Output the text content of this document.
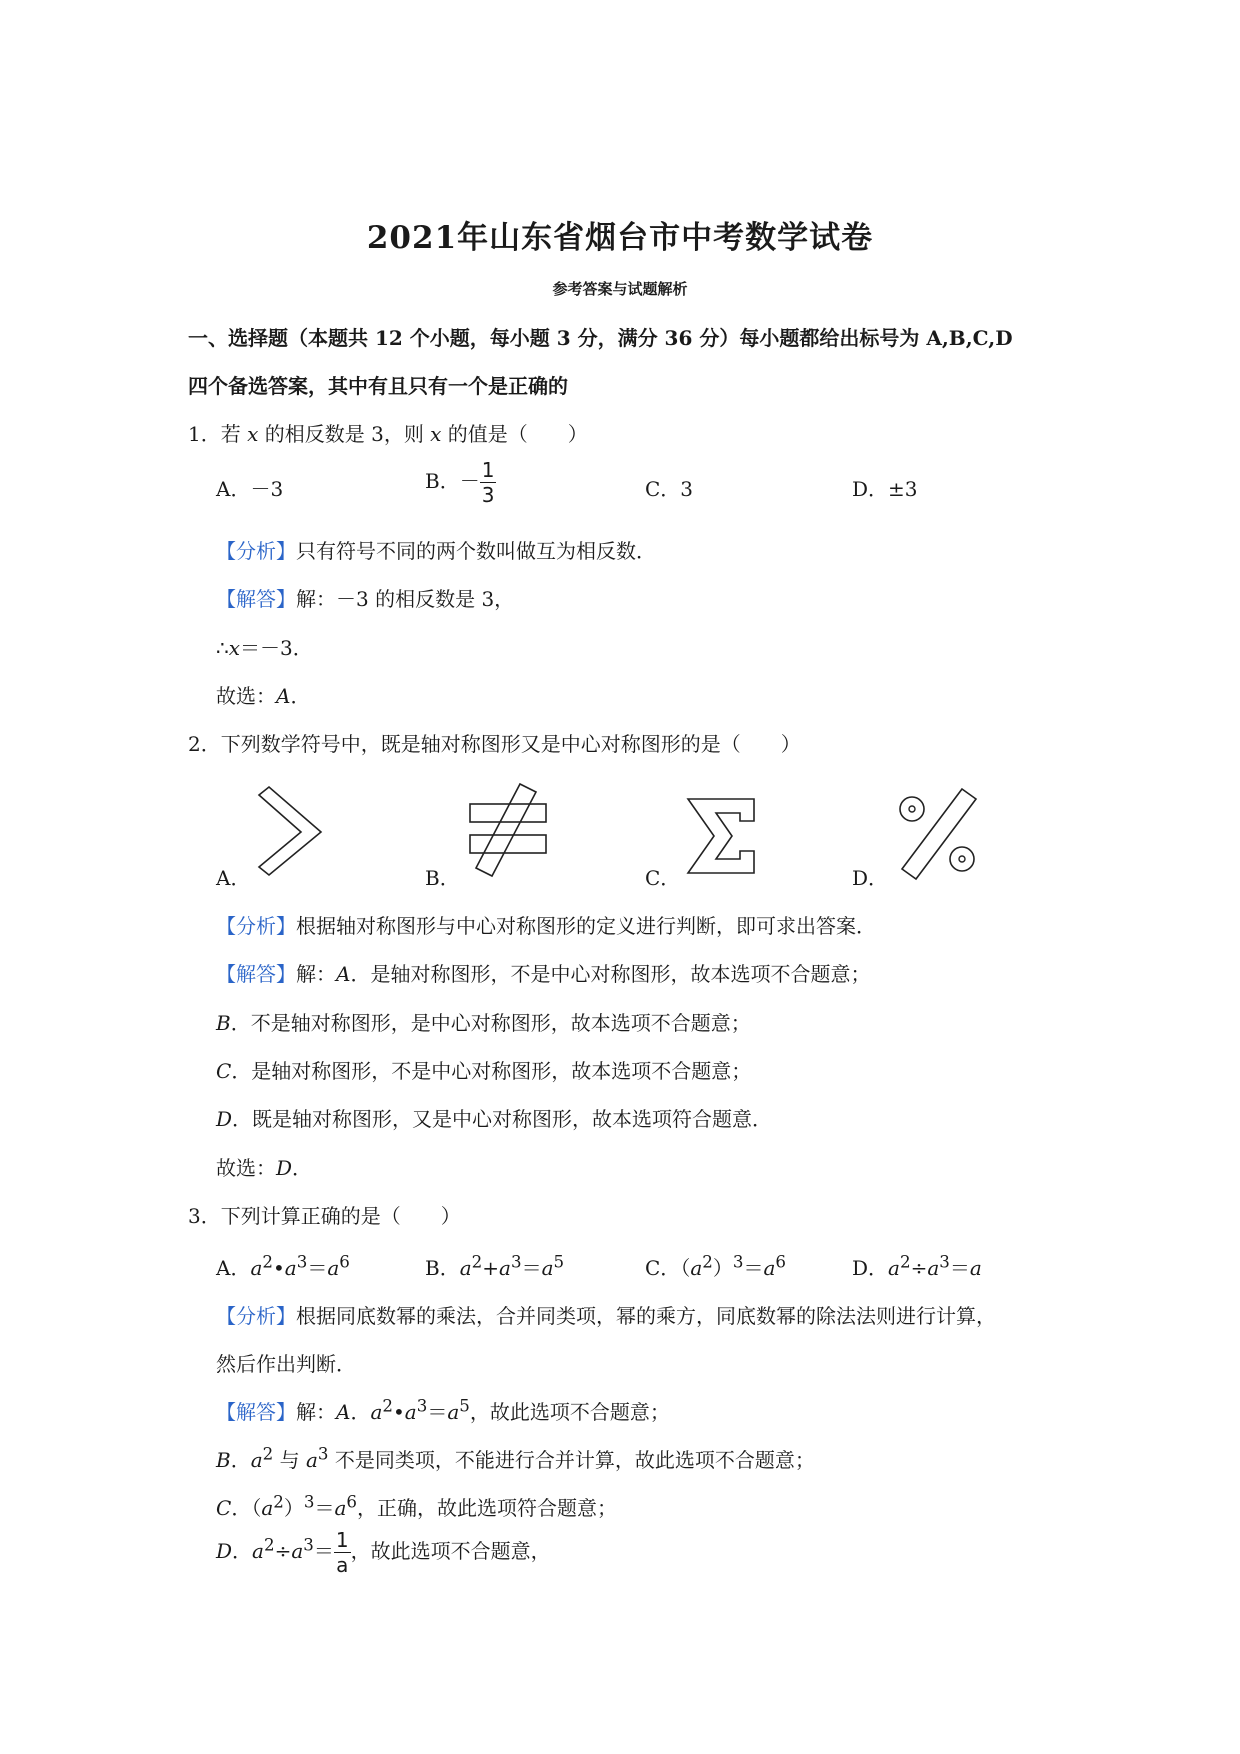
2021年山东省烟台市中考数学试卷
参考答案与试题解析
一、选择题（本题共 12 个小题，每小题 3 分，满分 36 分）每小题都给出标号为 A,B,C,D
四个备选答案，其中有且只有一个是正确的
1．若 x 的相反数是 3，则 x 的值是（　　）
A．－3	B．－ $\frac{1}{3}$	C．3	D．±3
【分析】只有符号不同的两个数叫做互为相反数．
【解答】解：－3 的相反数是 3，
∴x＝－3．
故选：A．
2．下列数学符号中，既是轴对称图形又是中心对称图形的是（　　）
A．	B．	C．	D．
【分析】根据轴对称图形与中心对称图形的定义进行判断，即可求出答案．
【解答】解：A．是轴对称图形，不是中心对称图形，故本选项不合题意；
B．不是轴对称图形，是中心对称图形，故本选项不合题意；
C．是轴对称图形，不是中心对称图形，故本选项不合题意；
D．既是轴对称图形，又是中心对称图形，故本选项符合题意．
故选：D．
3．下列计算正确的是（　　）
A．$a^2•a^3=a^6$	B．$a^2+a^3=a^5$	C．$(a^2)^3=a^6$	D．$a^2\div a^3=a$
【分析】根据同底数幂的乘法，合并同类项，幂的乘方，同底数幂的除法法则进行计算，
然后作出判断．
【解答】解：A．$a^2•a^3=a^5$，故此选项不合题意；
B．$a^2$ 与 $a^3$ 不是同类项，不能进行合并计算，故此选项不合题意；
C．$(a^2)^3=a^6$，正确，故此选项符合题意；
D．$a^2\div a^3= \frac{1}{a}$ ，故此选项不合题意，
